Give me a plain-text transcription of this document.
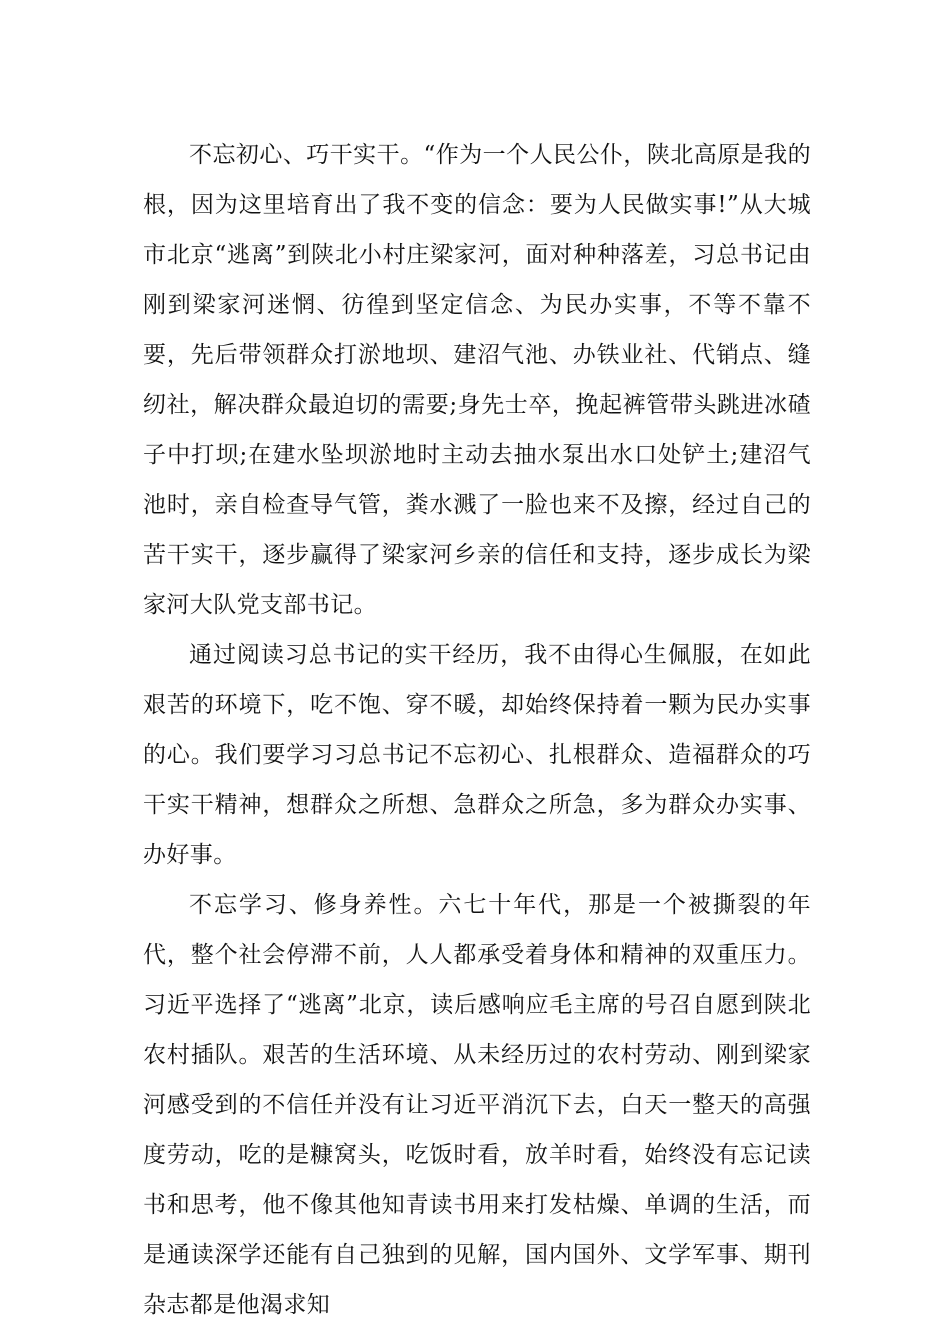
不忘初心、巧干实干。“作为一个人民公仆，陕北高原是我的根，因为这里培育出了我不变的信念：要为人民做实事!”从大城市北京“逃离”到陕北小村庄梁家河，面对种种落差，习总书记由刚到梁家河迷惘、彷徨到坚定信念、为民办实事，不等不靠不要，先后带领群众打淤地坝、建沼气池、办铁业社、代销点、缝纫社，解决群众最迫切的需要;身先士卒，挽起裤管带头跳进冰碴子中打坝;在建水坠坝淤地时主动去抽水泵出水口处铲土;建沼气池时，亲自检查导气管，粪水溅了一脸也来不及擦，经过自己的苦干实干，逐步赢得了梁家河乡亲的信任和支持，逐步成长为梁家河大队党支部书记。

通过阅读习总书记的实干经历，我不由得心生佩服，在如此艰苦的环境下，吃不饱、穿不暖，却始终保持着一颗为民办实事的心。我们要学习习总书记不忘初心、扎根群众、造福群众的巧干实干精神，想群众之所想、急群众之所急，多为群众办实事、办好事。

不忘学习、修身养性。六七十年代，那是一个被撕裂的年代，整个社会停滞不前，人人都承受着身体和精神的双重压力。习近平选择了“逃离”北京，读后感响应毛主席的号召自愿到陕北农村插队。艰苦的生活环境、从未经历过的农村劳动、刚到梁家河感受到的不信任并没有让习近平消沉下去，白天一整天的高强度劳动，吃的是糠窝头，吃饭时看，放羊时看，始终没有忘记读书和思考，他不像其他知青读书用来打发枯燥、单调的生活，而是通读深学还能有自己独到的见解，国内国外、文学军事、期刊杂志都是他渴求知
